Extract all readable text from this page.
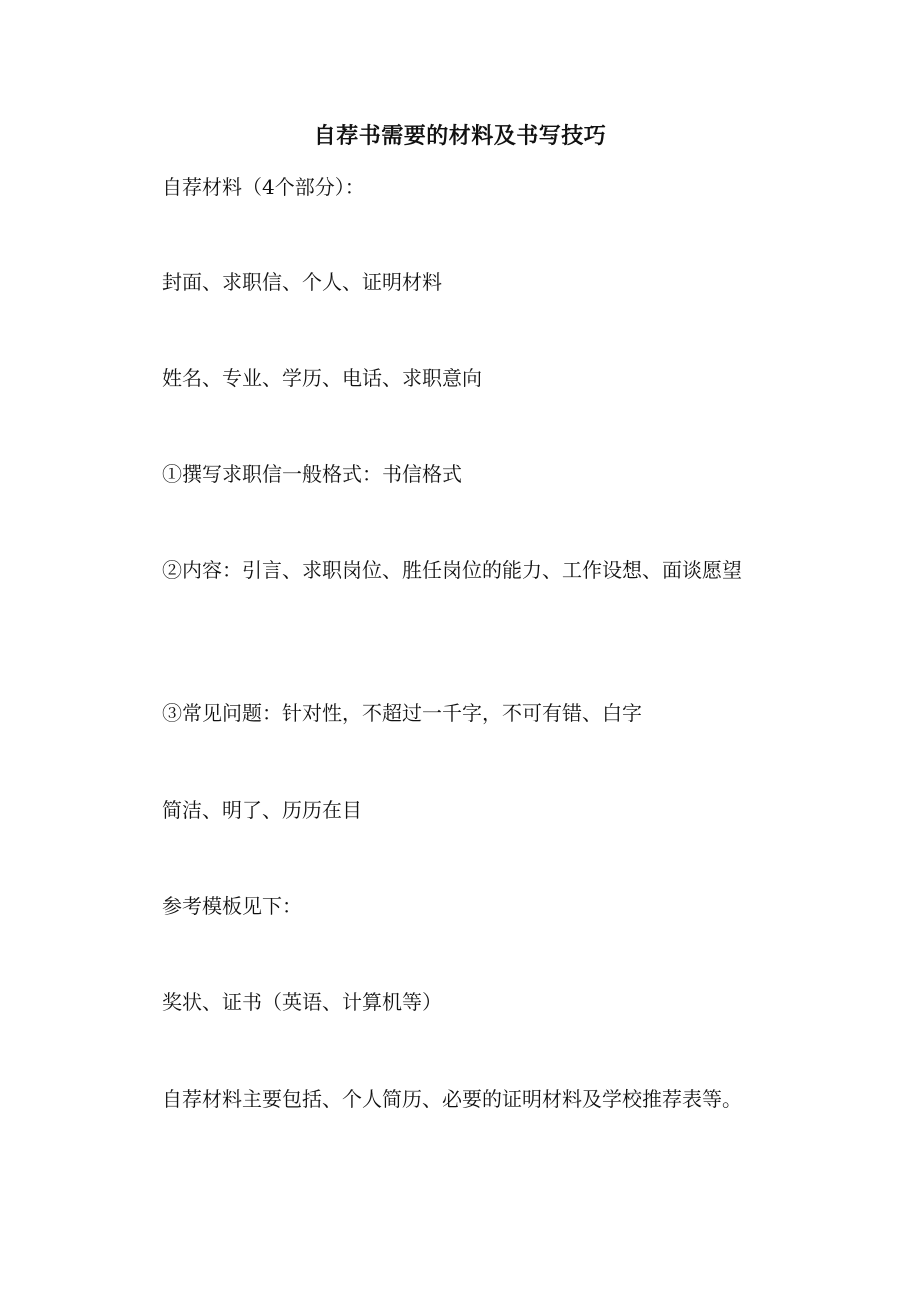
自荐书需要的材料及书写技巧
自荐材料（4个部分）：
封面、求职信、个人、证明材料
姓名、专业、学历、电话、求职意向
①撰写求职信一般格式：书信格式
②内容：引言、求职岗位、胜任岗位的能力、工作设想、面谈愿望
③常见问题：针对性，不超过一千字，不可有错、白字
简洁、明了、历历在目
参考模板见下：
奖状、证书（英语、计算机等）
自荐材料主要包括、个人简历、必要的证明材料及学校推荐表等。
